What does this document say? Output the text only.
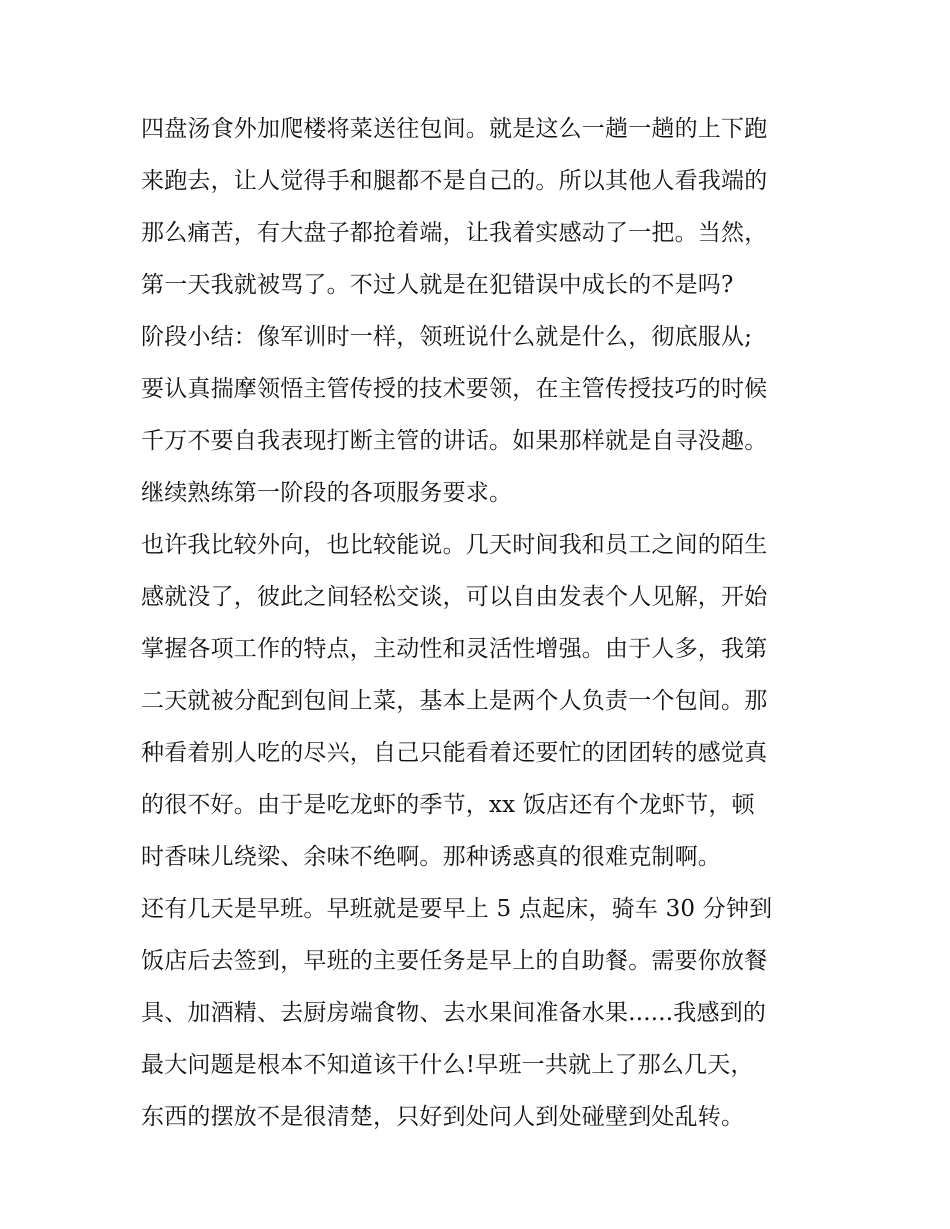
四盘汤食外加爬楼将菜送往包间。就是这么一趟一趟的上下跑
来跑去，让人觉得手和腿都不是自己的。所以其他人看我端的
那么痛苦，有大盘子都抢着端，让我着实感动了一把。当然，
第一天我就被骂了。不过人就是在犯错误中成长的不是吗?
阶段小结：像军训时一样，领班说什么就是什么，彻底服从;
要认真揣摩领悟主管传授的技术要领，在主管传授技巧的时候
千万不要自我表现打断主管的讲话。如果那样就是自寻没趣。
继续熟练第一阶段的各项服务要求。
也许我比较外向，也比较能说。几天时间我和员工之间的陌生
感就没了，彼此之间轻松交谈，可以自由发表个人见解，开始
掌握各项工作的特点，主动性和灵活性增强。由于人多，我第
二天就被分配到包间上菜，基本上是两个人负责一个包间。那
种看着别人吃的尽兴，自己只能看着还要忙的团团转的感觉真
的很不好。由于是吃龙虾的季节，xx 饭店还有个龙虾节，顿
时香味儿绕梁、余味不绝啊。那种诱惑真的很难克制啊。
还有几天是早班。早班就是要早上 5 点起床，骑车 30 分钟到
饭店后去签到，早班的主要任务是早上的自助餐。需要你放餐
具、加酒精、去厨房端食物、去水果间准备水果......我感到的
最大问题是根本不知道该干什么!早班一共就上了那么几天，
东西的摆放不是很清楚，只好到处问人到处碰壁到处乱转。
